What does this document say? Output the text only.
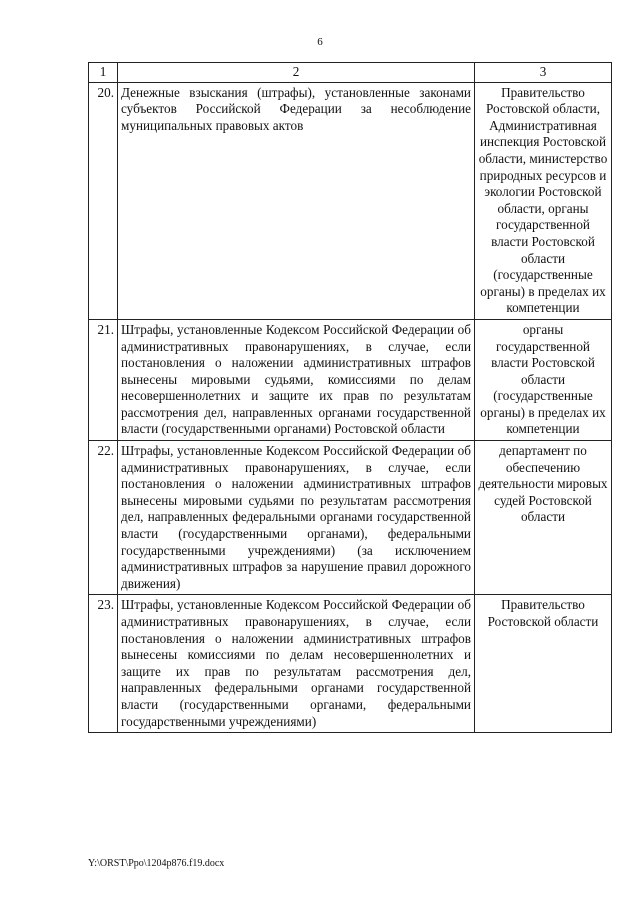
6
1	2	3
20.	Денежные взыскания (штрафы), установленные законами субъектов Российской Федерации за несоблюдение муниципальных правовых актов	Правительство Ростовской области, Административная инспекция Ростовской области, министерство природных ресурсов и экологии Ростовской области, органы государственной власти Ростовской области (государственные органы) в пределах их компетенции
21.	Штрафы, установленные Кодексом Российской Федерации об административных правонарушениях, в случае, если постановления о наложении административных штрафов вынесены мировыми судьями, комиссиями по делам несовершеннолетних и защите их прав по результатам рассмотрения дел, направленных органами государственной власти (государственными органами) Ростовской области	органы государственной власти Ростовской области (государственные органы) в пределах их компетенции
22.	Штрафы, установленные Кодексом Российской Федерации об административных правонарушениях, в случае, если постановления о наложении административных штрафов вынесены мировыми судьями по результатам рассмотрения дел, направленных федеральными органами государственной власти (государственными органами), федеральными государственными учреждениями) (за исключением административных штрафов за нарушение правил дорожного движения)	департамент по обеспечению деятельности мировых судей Ростовской области
23.	Штрафы, установленные Кодексом Российской Федерации об административных правонарушениях, в случае, если постановления о наложении административных штрафов вынесены комиссиями по делам несовершеннолетних и защите их прав по результатам рассмотрения дел, направленных федеральными органами государственной власти (государственными органами, федеральными государственными учреждениями)	Правительство Ростовской области
Y:\ORST\Ppo\1204p876.f19.docx
